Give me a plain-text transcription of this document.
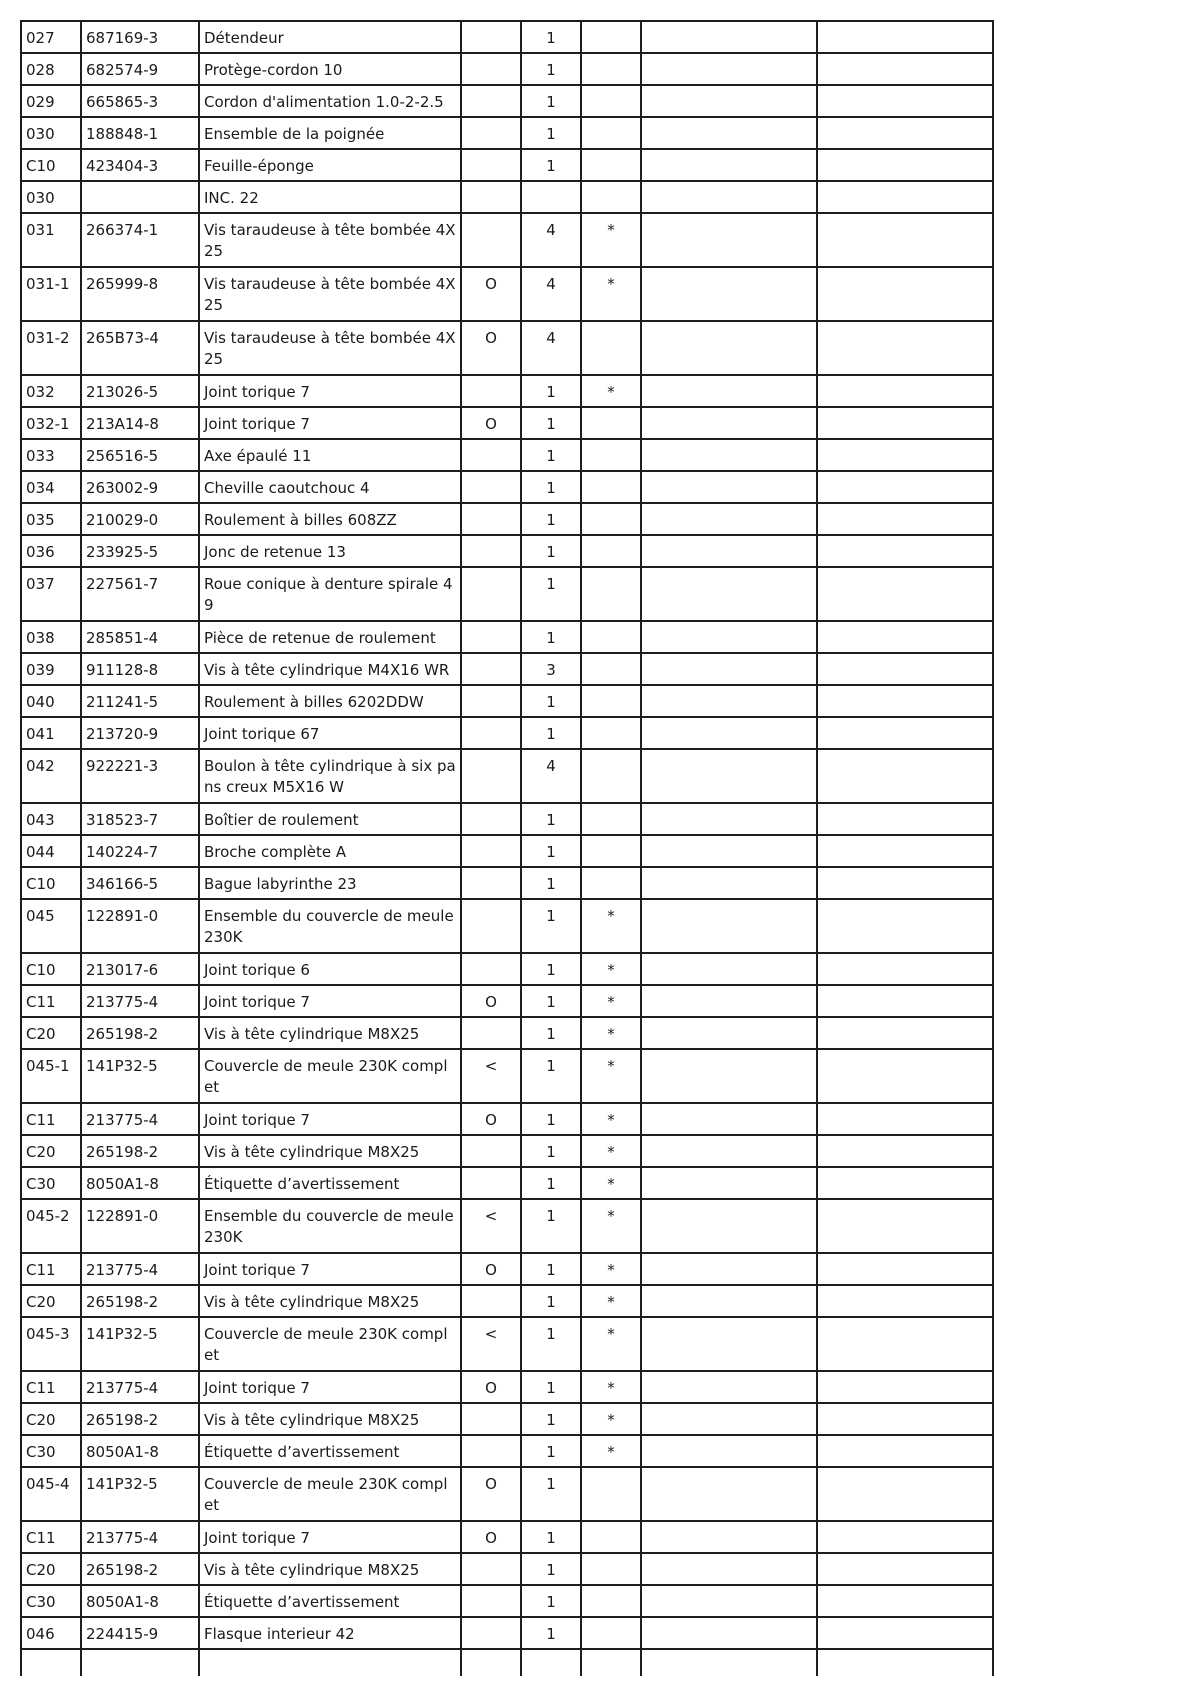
027	687169-3	Détendeur		1			
028	682574-9	Protège-cordon 10		1			
029	665865-3	Cordon d'alimentation 1.0-2-2.5		1			
030	188848-1	Ensemble de la poignée		1			
C10	423404-3	Feuille-éponge		1			
030		INC. 22					
031	266374-1	Vis taraudeuse à tête bombée 4X 25		4	*		
031-1	265999-8	Vis taraudeuse à tête bombée 4X 25	O	4	*		
031-2	265B73-4	Vis taraudeuse à tête bombée 4X 25	O	4			
032	213026-5	Joint torique 7		1	*		
032-1	213A14-8	Joint torique 7	O	1			
033	256516-5	Axe épaulé 11		1			
034	263002-9	Cheville caoutchouc 4		1			
035	210029-0	Roulement à billes 608ZZ		1			
036	233925-5	Jonc de retenue 13		1			
037	227561-7	Roue conique à denture spirale 4 9		1			
038	285851-4	Pièce de retenue de roulement		1			
039	911128-8	Vis à tête cylindrique M4X16 WR		3			
040	211241-5	Roulement à billes 6202DDW		1			
041	213720-9	Joint torique 67		1			
042	922221-3	Boulon à tête cylindrique à six pa ns creux M5X16 W		4			
043	318523-7	Boîtier de roulement		1			
044	140224-7	Broche complète A		1			
C10	346166-5	Bague labyrinthe 23		1			
045	122891-0	Ensemble du couvercle de meule 230K		1	*		
C10	213017-6	Joint torique 6		1	*		
C11	213775-4	Joint torique 7	O	1	*		
C20	265198-2	Vis à tête cylindrique M8X25		1	*		
045-1	141P32-5	Couvercle de meule 230K compl et	<	1	*		
C11	213775-4	Joint torique 7	O	1	*		
C20	265198-2	Vis à tête cylindrique M8X25		1	*		
C30	8050A1-8	Étiquette d’avertissement		1	*		
045-2	122891-0	Ensemble du couvercle de meule 230K	<	1	*		
C11	213775-4	Joint torique 7	O	1	*		
C20	265198-2	Vis à tête cylindrique M8X25		1	*		
045-3	141P32-5	Couvercle de meule 230K compl et	<	1	*		
C11	213775-4	Joint torique 7	O	1	*		
C20	265198-2	Vis à tête cylindrique M8X25		1	*		
C30	8050A1-8	Étiquette d’avertissement		1	*		
045-4	141P32-5	Couvercle de meule 230K compl et	O	1			
C11	213775-4	Joint torique 7	O	1			
C20	265198-2	Vis à tête cylindrique M8X25		1			
C30	8050A1-8	Étiquette d’avertissement		1			
046	224415-9	Flasque interieur 42		1			
